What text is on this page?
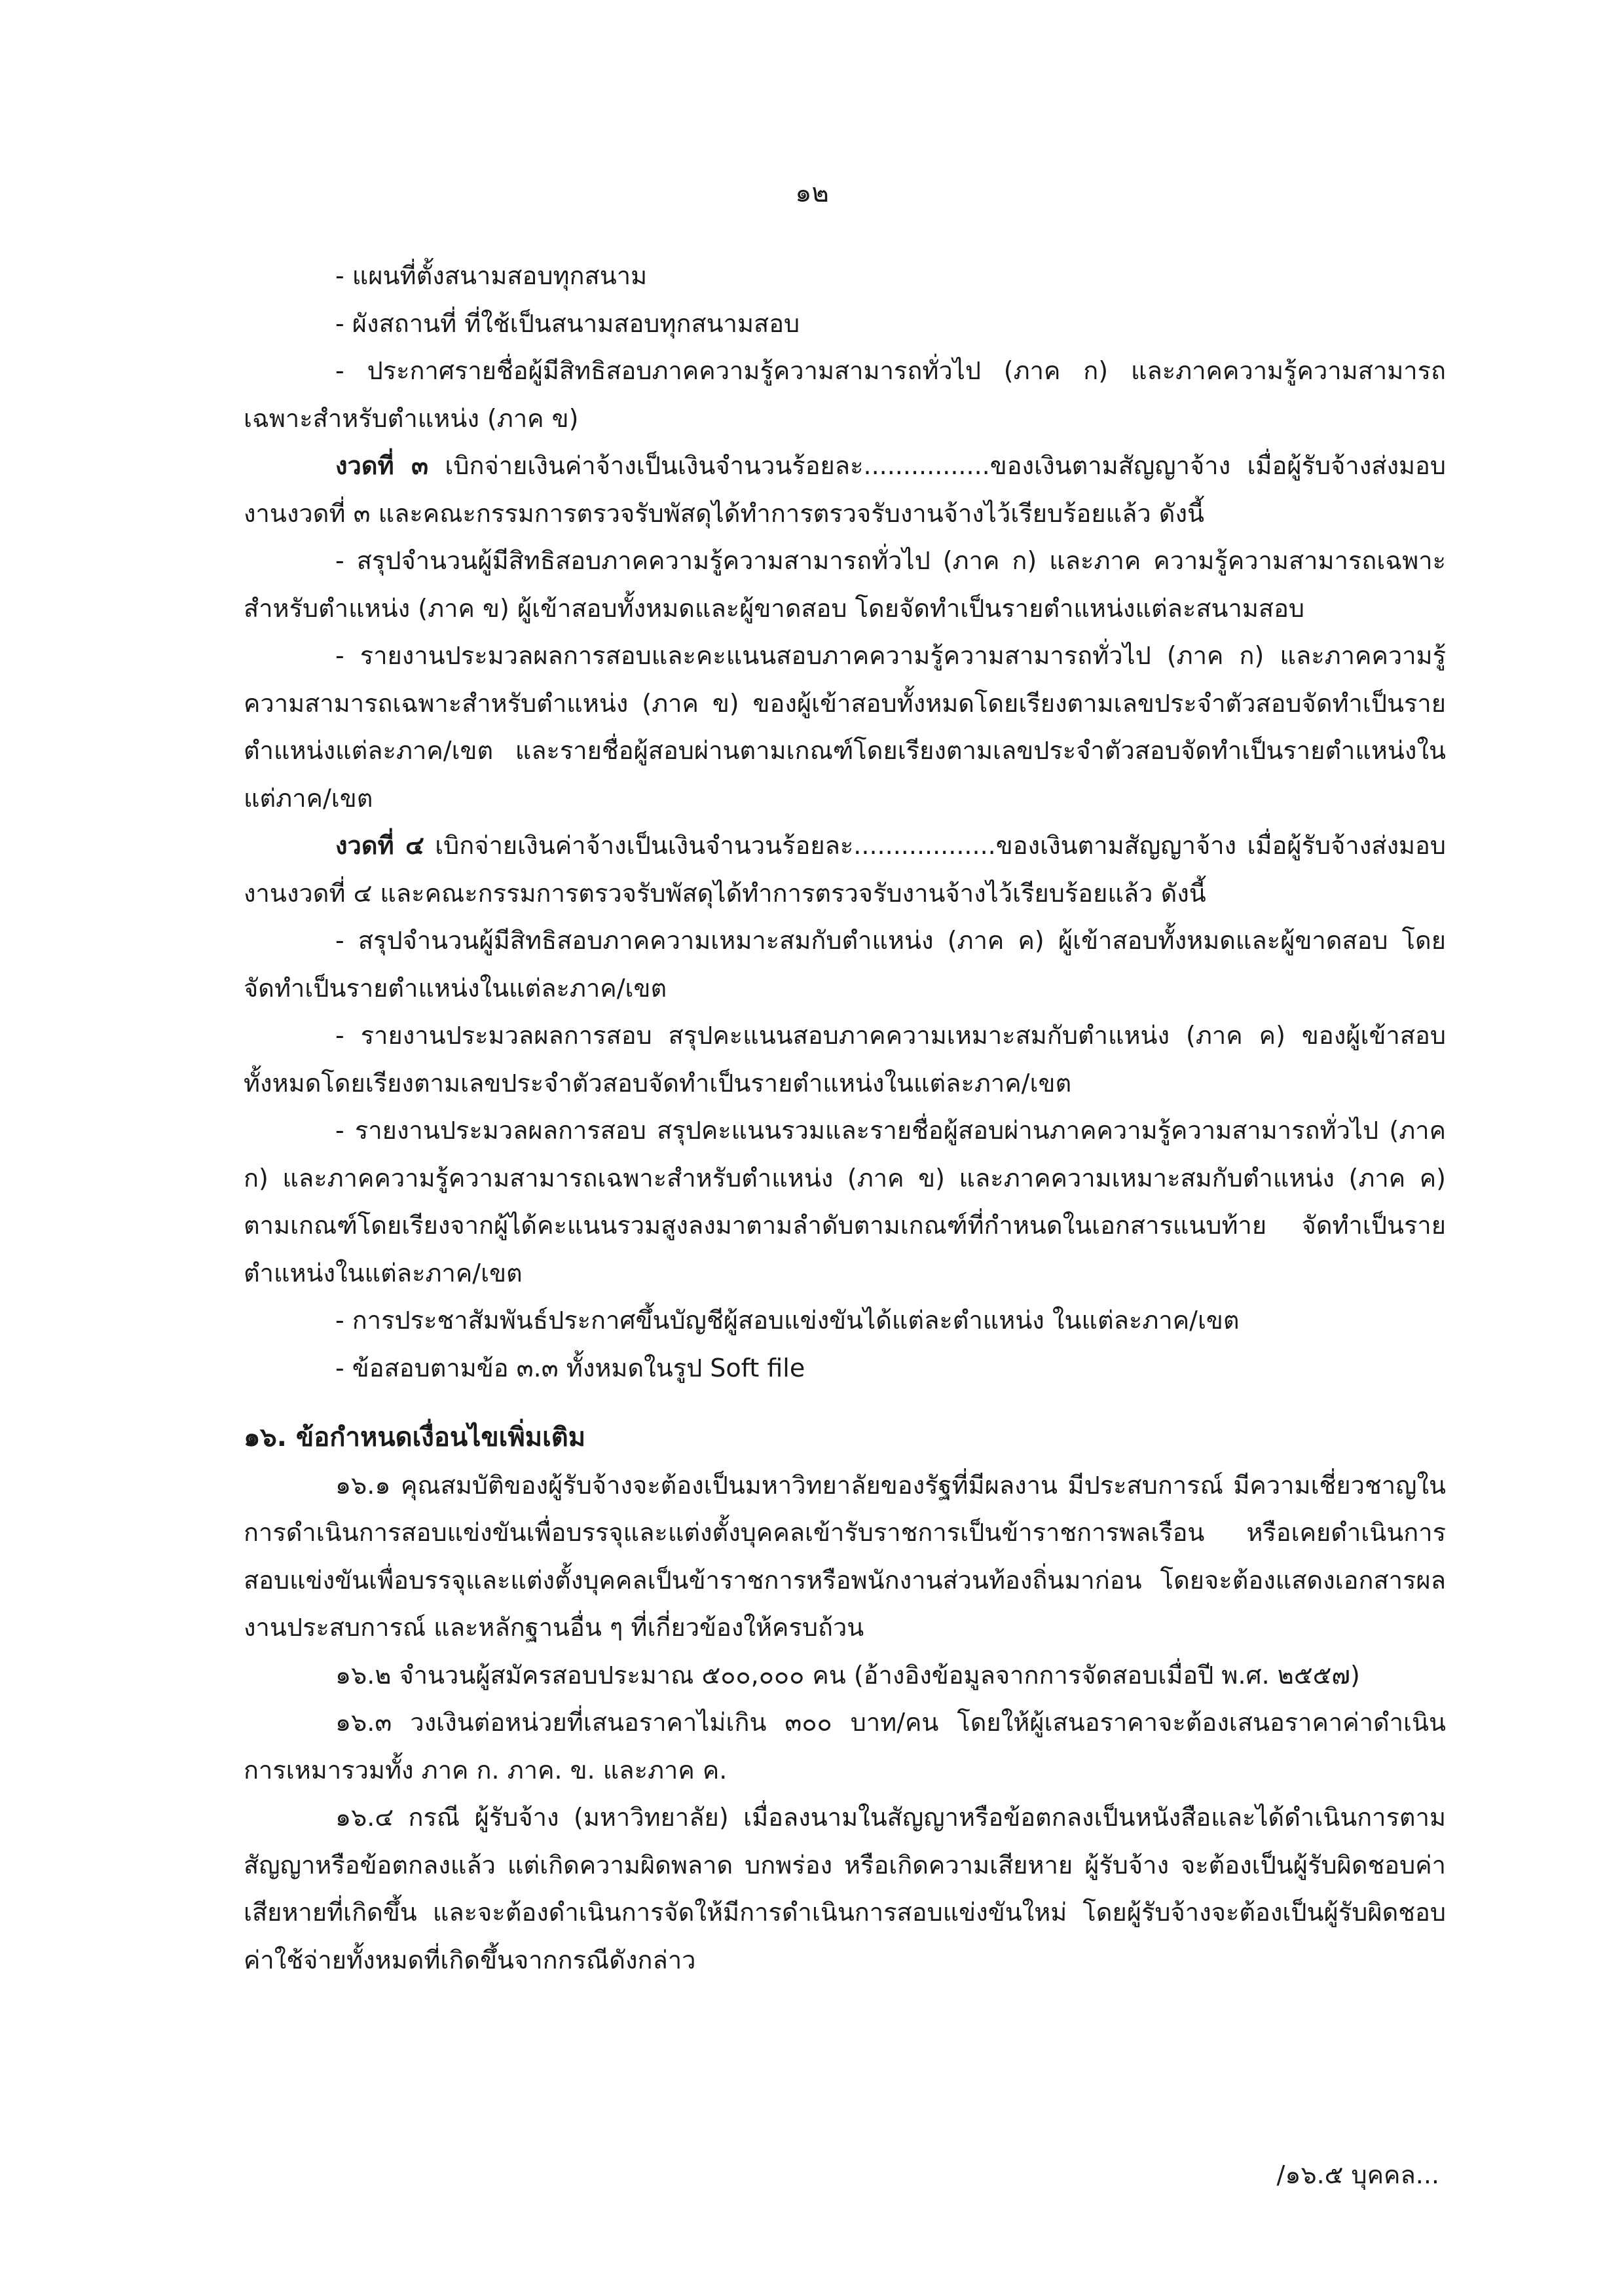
๑๒

- แผนที่ตั้งสนามสอบทุกสนาม

- ผังสถานที่ ที่ใช้เป็นสนามสอบทุกสนามสอบ

- ประกาศรายชื่อผู้มีสิทธิสอบภาคความรู้ความสามารถทั่วไป (ภาค ก) และภาคความรู้ความสามารถเฉพาะสำหรับตำแหน่ง (ภาค ข)

งวดที่ ๓ เบิกจ่ายเงินค่าจ้างเป็นเงินจำนวนร้อยละ................ของเงินตามสัญญาจ้าง เมื่อผู้รับจ้างส่งมอบงานงวดที่ ๓ และคณะกรรมการตรวจรับพัสดุได้ทำการตรวจรับงานจ้างไว้เรียบร้อยแล้ว ดังนี้

- สรุปจำนวนผู้มีสิทธิสอบภาคความรู้ความสามารถทั่วไป (ภาค ก) และภาค ความรู้ความสามารถเฉพาะสำหรับตำแหน่ง (ภาค ข) ผู้เข้าสอบทั้งหมดและผู้ขาดสอบ โดยจัดทำเป็นรายตำแหน่งแต่ละสนามสอบ

- รายงานประมวลผลการสอบและคะแนนสอบภาคความรู้ความสามารถทั่วไป (ภาค ก) และภาคความรู้ความสามารถเฉพาะสำหรับตำแหน่ง (ภาค ข) ของผู้เข้าสอบทั้งหมดโดยเรียงตามเลขประจำตัวสอบจัดทำเป็นรายตำแหน่งแต่ละภาค/เขต และรายชื่อผู้สอบผ่านตามเกณฑ์โดยเรียงตามเลขประจำตัวสอบจัดทำเป็นรายตำแหน่งในแต่ภาค/เขต

งวดที่ ๔ เบิกจ่ายเงินค่าจ้างเป็นเงินจำนวนร้อยละ..................ของเงินตามสัญญาจ้าง เมื่อผู้รับจ้างส่งมอบงานงวดที่ ๔ และคณะกรรมการตรวจรับพัสดุได้ทำการตรวจรับงานจ้างไว้เรียบร้อยแล้ว ดังนี้

- สรุปจำนวนผู้มีสิทธิสอบภาคความเหมาะสมกับตำแหน่ง (ภาค ค) ผู้เข้าสอบทั้งหมดและผู้ขาดสอบ โดยจัดทำเป็นรายตำแหน่งในแต่ละภาค/เขต

- รายงานประมวลผลการสอบ สรุปคะแนนสอบภาคความเหมาะสมกับตำแหน่ง (ภาค ค) ของผู้เข้าสอบทั้งหมดโดยเรียงตามเลขประจำตัวสอบจัดทำเป็นรายตำแหน่งในแต่ละภาค/เขต

- รายงานประมวลผลการสอบ สรุปคะแนนรวมและรายชื่อผู้สอบผ่านภาคความรู้ความสามารถทั่วไป (ภาค ก) และภาคความรู้ความสามารถเฉพาะสำหรับตำแหน่ง (ภาค ข) และภาคความเหมาะสมกับตำแหน่ง (ภาค ค) ตามเกณฑ์โดยเรียงจากผู้ได้คะแนนรวมสูงลงมาตามลำดับตามเกณฑ์ที่กำหนดในเอกสารแนบท้าย จัดทำเป็นรายตำแหน่งในแต่ละภาค/เขต

- การประชาสัมพันธ์ประกาศขึ้นบัญชีผู้สอบแข่งขันได้แต่ละตำแหน่ง ในแต่ละภาค/เขต

- ข้อสอบตามข้อ ๓.๓ ทั้งหมดในรูป Soft file

๑๖. ข้อกำหนดเงื่อนไขเพิ่มเติม

๑๖.๑ คุณสมบัติของผู้รับจ้างจะต้องเป็นมหาวิทยาลัยของรัฐที่มีผลงาน มีประสบการณ์ มีความเชี่ยวชาญในการดำเนินการสอบแข่งขันเพื่อบรรจุและแต่งตั้งบุคคลเข้ารับราชการเป็นข้าราชการพลเรือน หรือเคยดำเนินการสอบแข่งขันเพื่อบรรจุและแต่งตั้งบุคคลเป็นข้าราชการหรือพนักงานส่วนท้องถิ่นมาก่อน โดยจะต้องแสดงเอกสารผลงานประสบการณ์ และหลักฐานอื่น ๆ ที่เกี่ยวข้องให้ครบถ้วน

๑๖.๒ จำนวนผู้สมัครสอบประมาณ ๕๐๐,๐๐๐ คน (อ้างอิงข้อมูลจากการจัดสอบเมื่อปี พ.ศ. ๒๕๕๗)

๑๖.๓ วงเงินต่อหน่วยที่เสนอราคาไม่เกิน ๓๐๐ บาท/คน โดยให้ผู้เสนอราคาจะต้องเสนอราคาค่าดำเนินการเหมารวมทั้ง ภาค ก. ภาค. ข. และภาค ค.

๑๖.๔ กรณี ผู้รับจ้าง (มหาวิทยาลัย) เมื่อลงนามในสัญญาหรือข้อตกลงเป็นหนังสือและได้ดำเนินการตามสัญญาหรือข้อตกลงแล้ว แต่เกิดความผิดพลาด บกพร่อง หรือเกิดความเสียหาย ผู้รับจ้าง จะต้องเป็นผู้รับผิดชอบค่าเสียหายที่เกิดขึ้น และจะต้องดำเนินการจัดให้มีการดำเนินการสอบแข่งขันใหม่ โดยผู้รับจ้างจะต้องเป็นผู้รับผิดชอบค่าใช้จ่ายทั้งหมดที่เกิดขึ้นจากกรณีดังกล่าว

/๑๖.๕ บุคคล...
